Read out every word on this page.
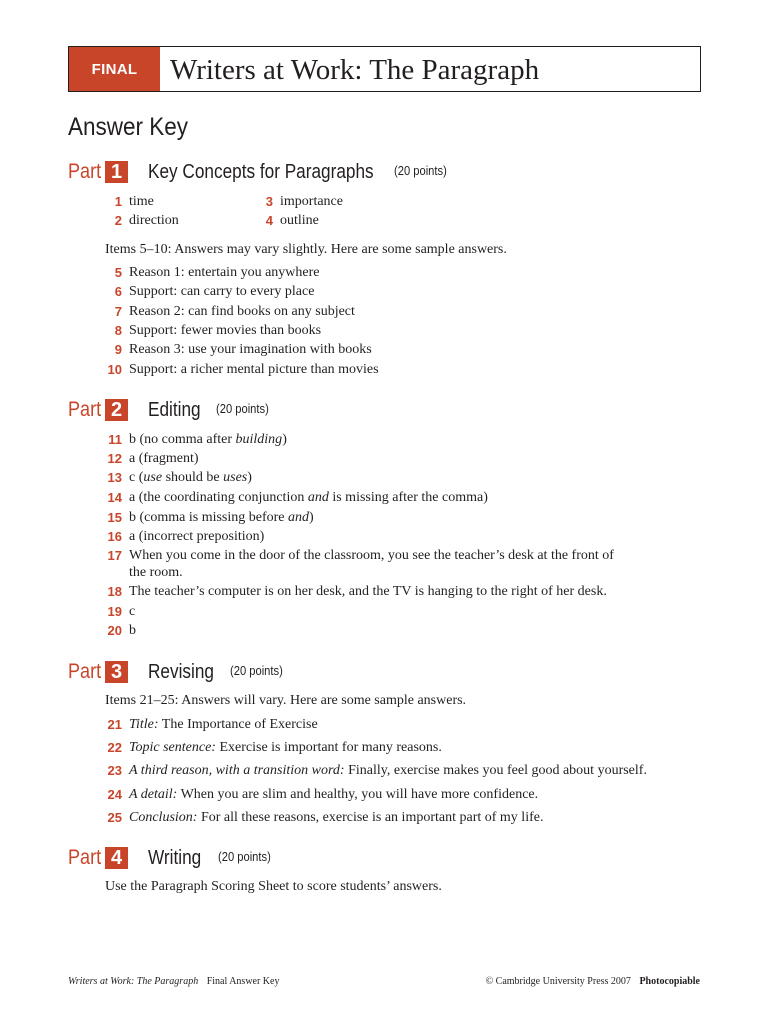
FINAL	Writers at Work: The Paragraph
Answer Key
Part 1 Key Concepts for Paragraphs (20 points)
1 time
2 direction
3 importance
4 outline
Items 5–10: Answers may vary slightly. Here are some sample answers.
5 Reason 1: entertain you anywhere
6 Support: can carry to every place
7 Reason 2: can find books on any subject
8 Support: fewer movies than books
9 Reason 3: use your imagination with books
10 Support: a richer mental picture than movies
Part 2 Editing (20 points)
11 b (no comma after building)
12 a (fragment)
13 c (use should be uses)
14 a (the coordinating conjunction and is missing after the comma)
15 b (comma is missing before and)
16 a (incorrect preposition)
17 When you come in the door of the classroom, you see the teacher’s desk at the front of
the room.
18 The teacher’s computer is on her desk, and the TV is hanging to the right of her desk.
19 c
20 b
Part 3 Revising (20 points)
Items 21–25: Answers will vary. Here are some sample answers.
21 Title: The Importance of Exercise
22 Topic sentence: Exercise is important for many reasons.
23 A third reason, with a transition word: Finally, exercise makes you feel good about yourself.
24 A detail: When you are slim and healthy, you will have more confidence.
25 Conclusion: For all these reasons, exercise is an important part of my life.
Part 4 Writing (20 points)
Use the Paragraph Scoring Sheet to score students’ answers.
Writers at Work: The Paragraph Final Answer Key	© Cambridge University Press 2007 Photocopiable
